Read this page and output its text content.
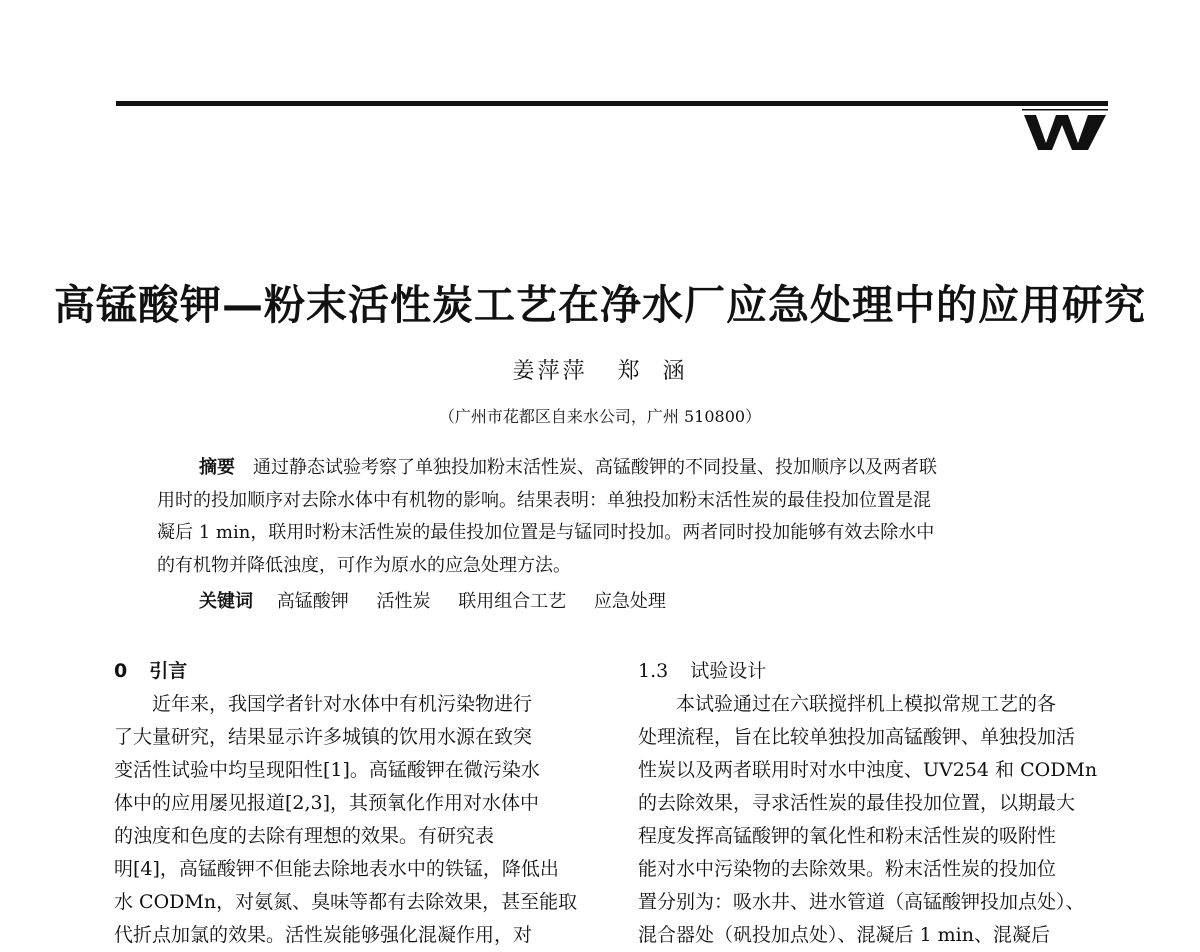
高锰酸钾—粉末活性炭工艺在净水厂应急处理中的应用研究
姜萍萍   郑  涵
（广州市花都区自来水公司，广州 510800）
摘要 通过静态试验考察了单独投加粉末活性炭、高锰酸钾的不同投量、投加顺序以及两者联
用时的投加顺序对去除水体中有机物的影响。结果表明：单独投加粉末活性炭的最佳投加位置是混
凝后 1 min，联用时粉末活性炭的最佳投加位置是与锰同时投加。两者同时投加能够有效去除水中
的有机物并降低浊度，可作为原水的应急处理方法。
关键词 高锰酸钾 活性炭 联用组合工艺 应急处理
0 引言
近年来，我国学者针对水体中有机污染物进行
了大量研究，结果显示许多城镇的饮用水源在致突
变活性试验中均呈现阳性[1]。高锰酸钾在微污染水
体中的应用屡见报道[2,3]，其预氧化作用对水体中
的浊度和色度的去除有理想的效果。有研究表
明[4]，高锰酸钾不但能去除地表水中的铁锰，降低出
水 CODMn，对氨氮、臭味等都有去除效果，甚至能取
代折点加氯的效果。活性炭能够强化混凝作用，对
1.3 试验设计
本试验通过在六联搅拌机上模拟常规工艺的各
处理流程，旨在比较单独投加高锰酸钾、单独投加活
性炭以及两者联用时对水中浊度、UV254 和 CODMn
的去除效果，寻求活性炭的最佳投加位置，以期最大
程度发挥高锰酸钾的氧化性和粉末活性炭的吸附性
能对水中污染物的去除效果。粉末活性炭的投加位
置分别为：吸水井、进水管道（高锰酸钾投加点处）、
混合器处（矾投加点处）、混凝后 1 min、混凝后
